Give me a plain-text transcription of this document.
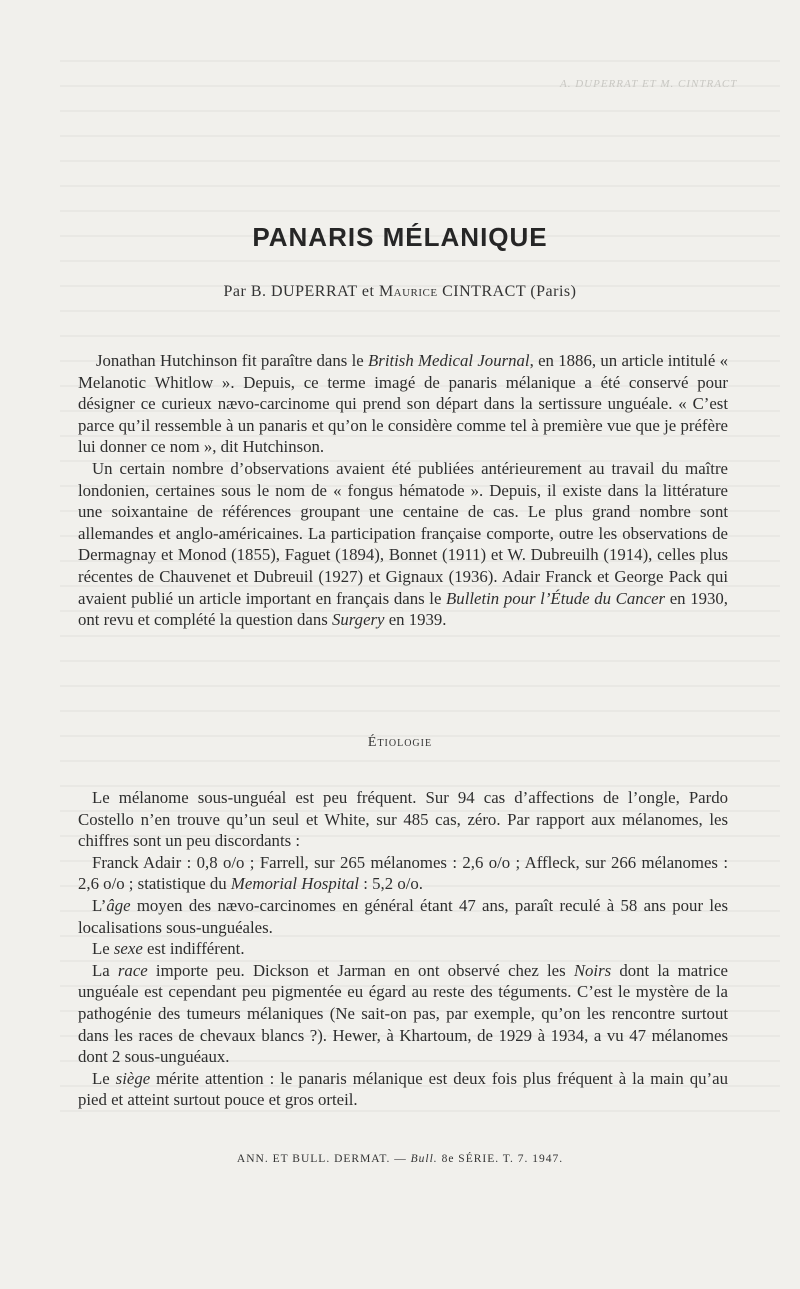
A. DUPERRAT ET M. CINTRACT
PANARIS MÉLANIQUE
Par B. DUPERRAT et Maurice CINTRACT (Paris)

Jonathan Hutchinson fit paraître dans le British Medical Journal, en 1886, un article intitulé « Melanotic Whitlow ». Depuis, ce terme imagé de panaris mélanique a été conservé pour désigner ce curieux nævo-carcinome qui prend son départ dans la sertissure unguéale. « C’est parce qu’il ressemble à un panaris et qu’on le considère comme tel à première vue que je préfère lui donner ce nom », dit Hutchinson.

Un certain nombre d’observations avaient été publiées antérieurement au travail du maître londonien, certaines sous le nom de « fongus hématode ». Depuis, il existe dans la littérature une soixantaine de références groupant une centaine de cas. Le plus grand nombre sont allemandes et anglo-américaines. La participation française comporte, outre les observations de Dermagnay et Monod (1855), Faguet (1894), Bonnet (1911) et W. Dubreuilh (1914), celles plus récentes de Chauvenet et Dubreuil (1927) et Gignaux (1936). Adair Franck et George Pack qui avaient publié un article important en français dans le Bulletin pour l’Étude du Cancer en 1930, ont revu et complété la question dans Surgery en 1939.

Étiologie

Le mélanome sous-unguéal est peu fréquent. Sur 94 cas d’affections de l’ongle, Pardo Costello n’en trouve qu’un seul et White, sur 485 cas, zéro. Par rapport aux mélanomes, les chiffres sont un peu discordants :

Franck Adair : 0,8 o/o ; Farrell, sur 265 mélanomes : 2,6 o/o ; Affleck, sur 266 mélanomes : 2,6 o/o ; statistique du Memorial Hospital : 5,2 o/o.

L’âge moyen des nævo-carcinomes en général étant 47 ans, paraît reculé à 58 ans pour les localisations sous-unguéales.

Le sexe est indifférent.

La race importe peu. Dickson et Jarman en ont observé chez les Noirs dont la matrice unguéale est cependant peu pigmentée eu égard au reste des téguments. C’est le mystère de la pathogénie des tumeurs mélaniques (Ne sait-on pas, par exemple, qu’on les rencontre surtout dans les races de chevaux blancs ?). Hewer, à Khartoum, de 1929 à 1934, a vu 47 mélanomes dont 2 sous-unguéaux.

Le siège mérite attention : le panaris mélanique est deux fois plus fréquent à la main qu’au pied et atteint surtout pouce et gros orteil.

ANN. ET BULL. DERMAT. — Bull. 8e SÉRIE. T. 7. 1947.
